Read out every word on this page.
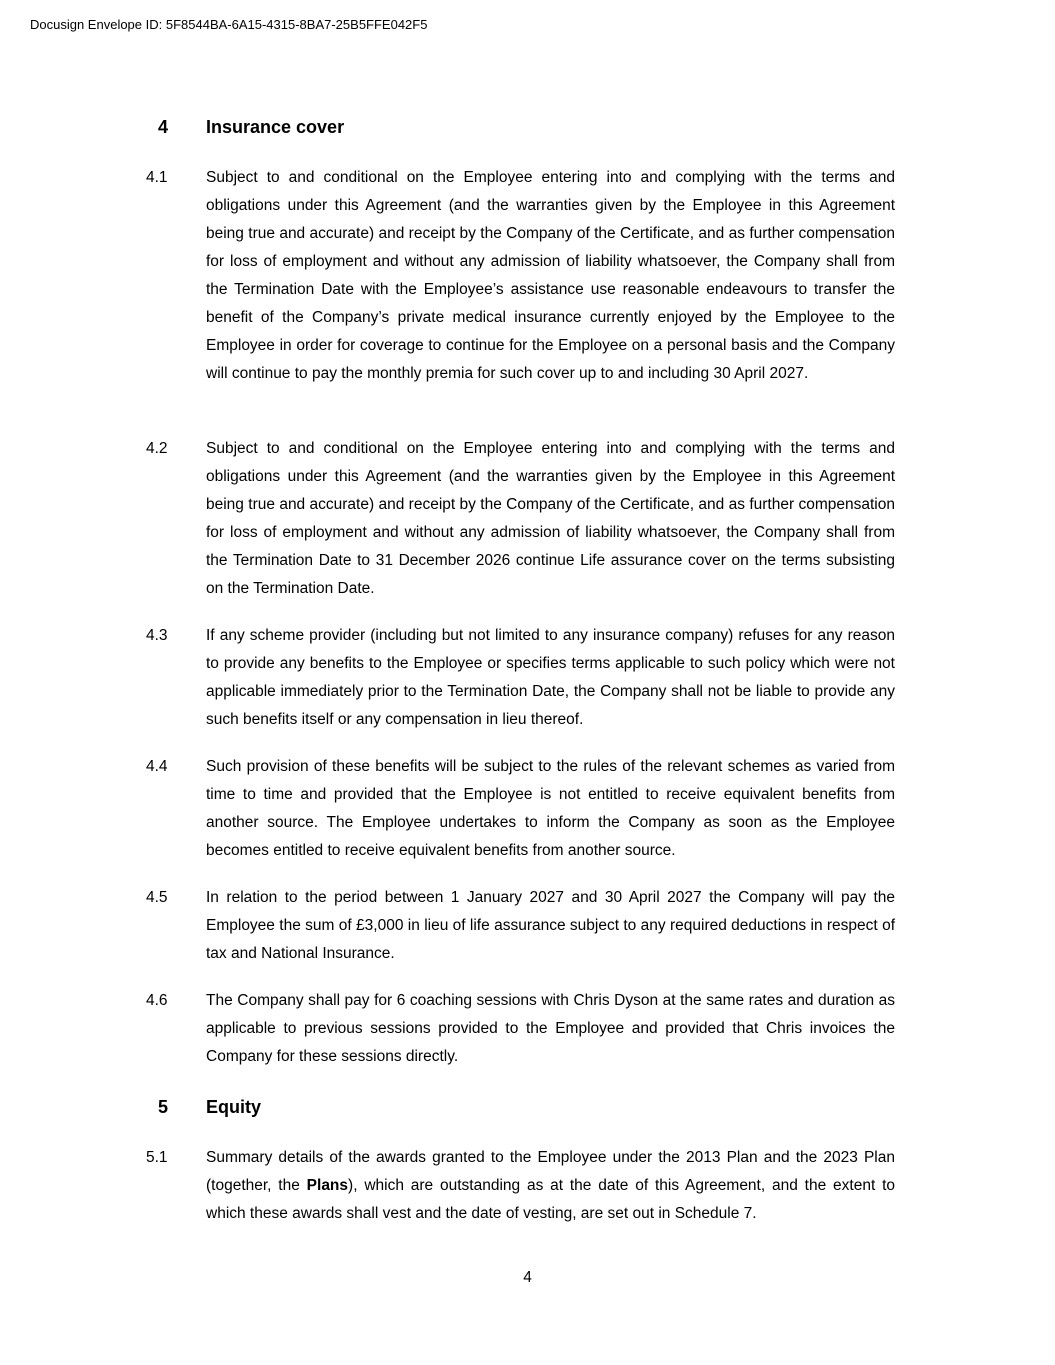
Docusign Envelope ID: 5F8544BA-6A15-4315-8BA7-25B5FFE042F5
4 Insurance cover
4.1 Subject to and conditional on the Employee entering into and complying with the terms and obligations under this Agreement (and the warranties given by the Employee in this Agreement being true and accurate) and receipt by the Company of the Certificate, and as further compensation for loss of employment and without any admission of liability whatsoever, the Company shall from the Termination Date with the Employee’s assistance use reasonable endeavours to transfer the benefit of the Company’s private medical insurance currently enjoyed by the Employee to the Employee in order for coverage to continue for the Employee on a personal basis and the Company will continue to pay the monthly premia for such cover up to and including 30 April 2027.

4.2 Subject to and conditional on the Employee entering into and complying with the terms and obligations under this Agreement (and the warranties given by the Employee in this Agreement being true and accurate) and receipt by the Company of the Certificate, and as further compensation for loss of employment and without any admission of liability whatsoever, the Company shall from the Termination Date to 31 December 2026 continue Life assurance cover on the terms subsisting on the Termination Date.

4.3 If any scheme provider (including but not limited to any insurance company) refuses for any reason to provide any benefits to the Employee or specifies terms applicable to such policy which were not applicable immediately prior to the Termination Date, the Company shall not be liable to provide any such benefits itself or any compensation in lieu thereof.

4.4 Such provision of these benefits will be subject to the rules of the relevant schemes as varied from time to time and provided that the Employee is not entitled to receive equivalent benefits from another source. The Employee undertakes to inform the Company as soon as the Employee becomes entitled to receive equivalent benefits from another source.

4.5 In relation to the period between 1 January 2027 and 30 April 2027 the Company will pay the Employee the sum of £3,000 in lieu of life assurance subject to any required deductions in respect of tax and National Insurance.

4.6 The Company shall pay for 6 coaching sessions with Chris Dyson at the same rates and duration as applicable to previous sessions provided to the Employee and provided that Chris invoices the Company for these sessions directly.

5 Equity
5.1 Summary details of the awards granted to the Employee under the 2013 Plan and the 2023 Plan (together, the Plans), which are outstanding as at the date of this Agreement, and the extent to which these awards shall vest and the date of vesting, are set out in Schedule 7.

4
